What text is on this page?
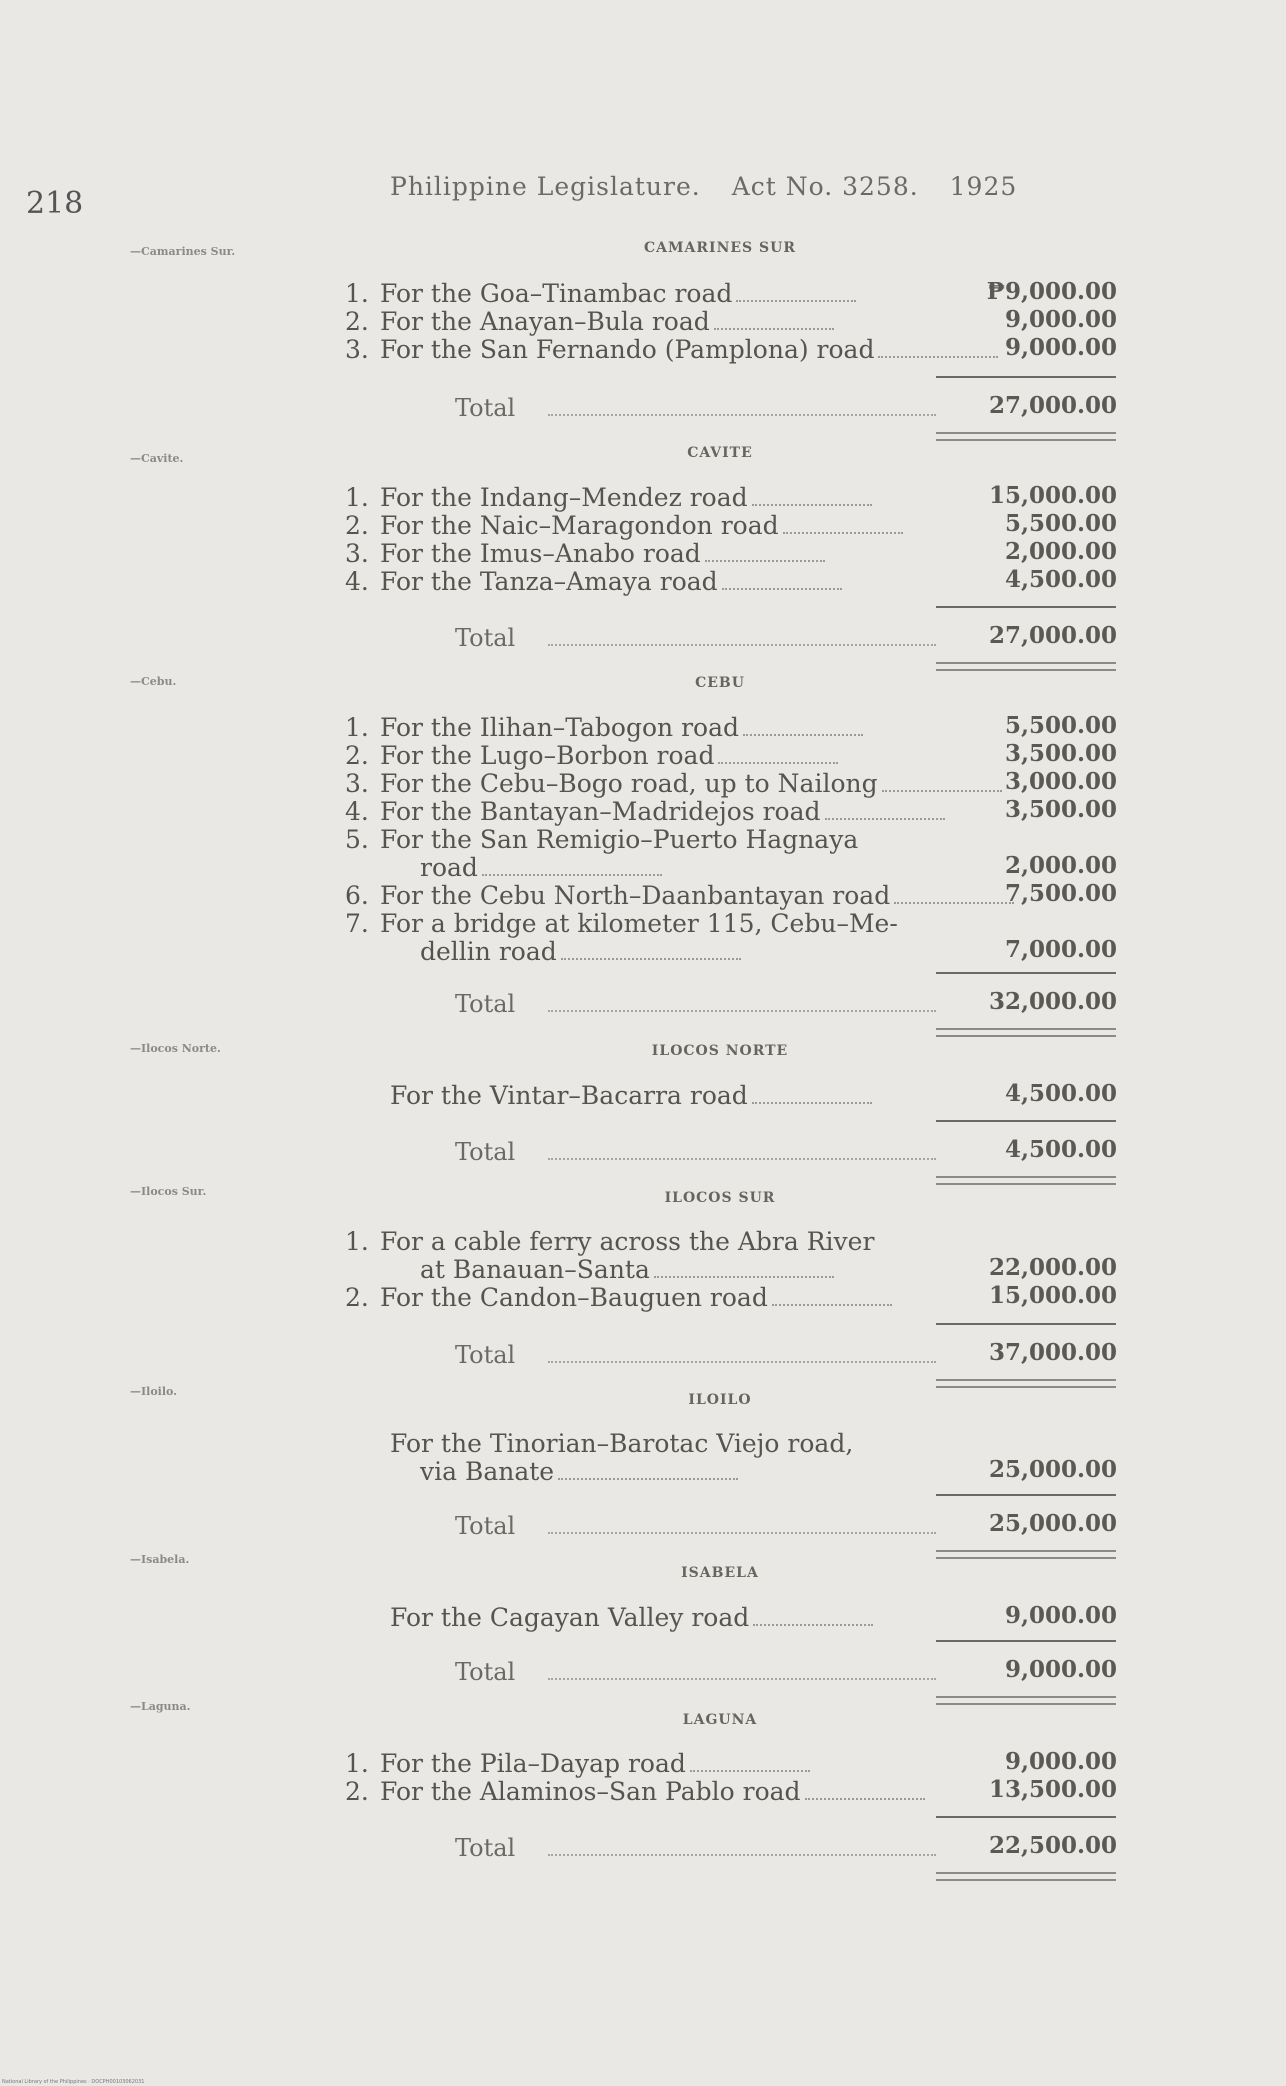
218	Philippine Legislature. Act No. 3258. 1925
—Camarines Sur.	CAMARINES SUR
1. For the Goa–Tinambac road	₱9,000.00
2. For the Anayan–Bula road	9,000.00
3. For the San Fernando (Pamplona) road	9,000.00
Total	27,000.00
—Cavite.	CAVITE
1. For the Indang–Mendez road	15,000.00
2. For the Naic–Maragondon road	5,500.00
3. For the Imus–Anabo road	2,000.00
4. For the Tanza–Amaya road	4,500.00
Total	27,000.00
—Cebu.	CEBU
1. For the Ilihan–Tabogon road	5,500.00
2. For the Lugo–Borbon road	3,500.00
3. For the Cebu–Bogo road, up to Nailong	3,000.00
4. For the Bantayan–Madridejos road	3,500.00
5. For the San Remigio–Puerto Hagnaya
road	2,000.00
6. For the Cebu North–Daanbantayan road	7,500.00
7. For a bridge at kilometer 115, Cebu–Me-
dellin road	7,000.00
Total	32,000.00
—Ilocos Norte.	ILOCOS NORTE
For the Vintar–Bacarra road	4,500.00
Total	4,500.00
—Ilocos Sur.	ILOCOS SUR
1. For a cable ferry across the Abra River
at Banauan–Santa	22,000.00
2. For the Candon–Bauguen road	15,000.00
Total	37,000.00
—Iloilo.
ILOILO
For the Tinorian–Barotac Viejo road,
via Banate	25,000.00
Total	25,000.00
—Isabela.
ISABELA
For the Cagayan Valley road	9,000.00
Total	9,000.00
—Laguna.
LAGUNA
1. For the Pila–Dayap road	9,000.00
2. For the Alaminos–San Pablo road	13,500.00
Total	22,500.00
National Library of the Philippines · DOCPH00103062031
